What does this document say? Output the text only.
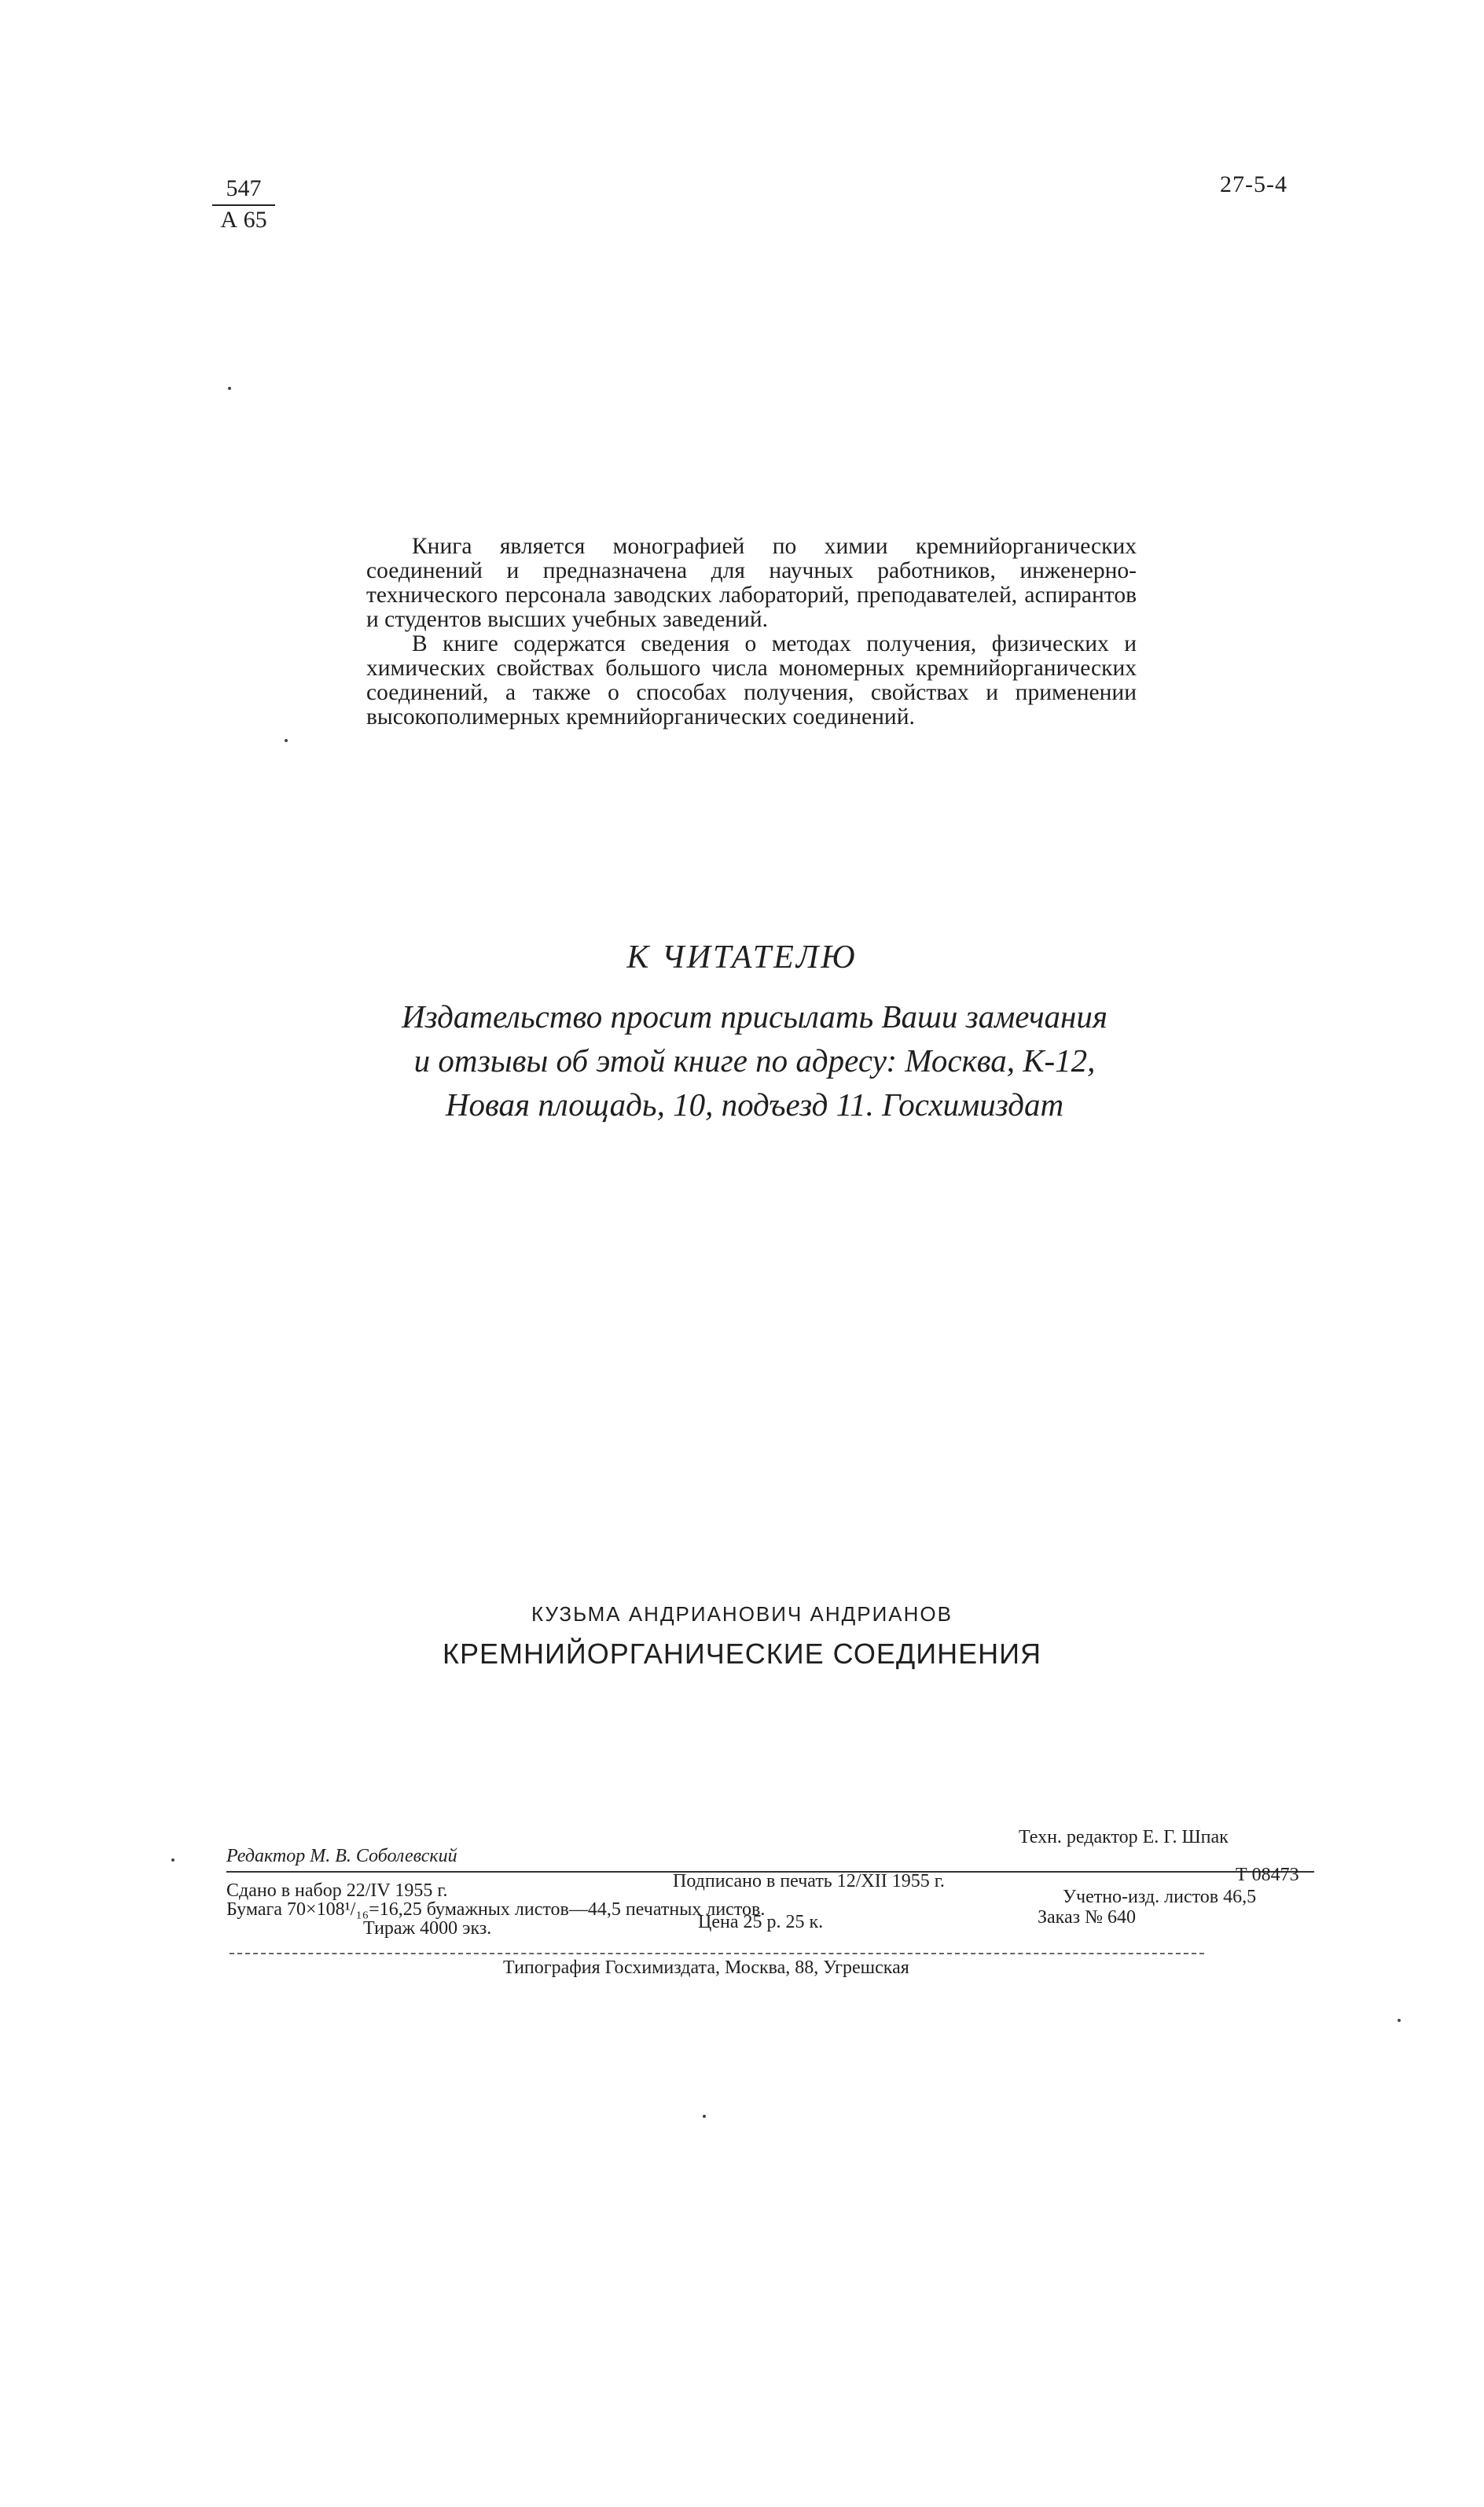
547
А 65
27-5-4

Книга является монографией по химии кремнийорганических соединений и предназначена для научных работников, инженерно-технического персонала заводских лабораторий, преподавателей, аспирантов и студентов высших учебных заведений.

В книге содержатся сведения о методах получения, физических и химических свойствах большого числа мономерных кремнийорганических соединений, а также о способах получения, свойствах и применении высокополимерных кремнийорганических соединений.

К ЧИТАТЕЛЮ
Издательство просит присылать Ваши замечания
и отзывы об этой книге по адресу: Москва, К-12,
Новая площадь, 10, подъезд 11. Госхимиздат
КУЗЬМА АНДРИАНОВИЧ АНДРИАНОВ
КРЕМНИЙОРГАНИЧЕСКИЕ СОЕДИНЕНИЯ
Редактор М. В. Соболевский
Техн. редактор Е. Г. Шпак
Сдано в набор 22/IV 1955 г.	Подписано в печать 12/XII 1955 г.	Т 08473
Бумага 70×108¹/₁₆=16,25 бумажных листов—44,5 печатных листов.
Учетно-изд. листов 46,5
Тираж 4000 экз.	Цена 25 р. 25 к.	Заказ № 640
Типография Госхимиздата, Москва, 88, Угрешская
